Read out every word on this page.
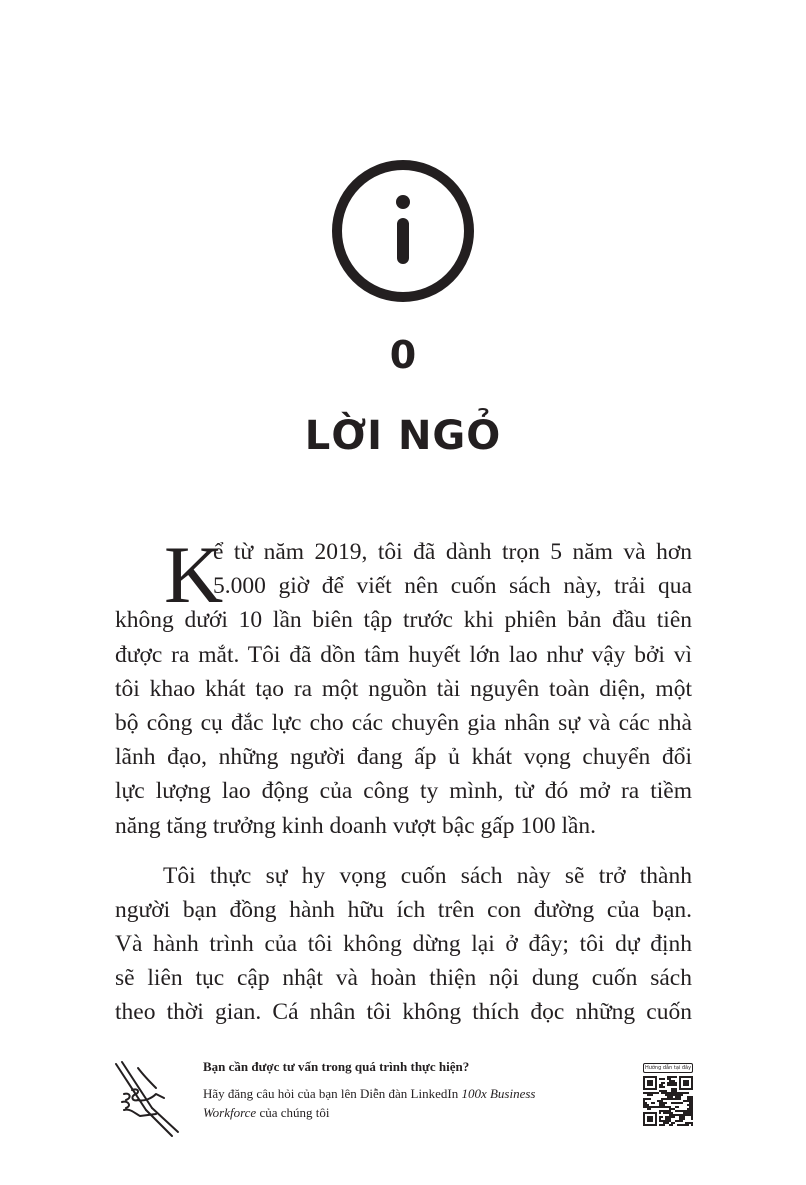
0
LỜI NGỎ
K
ể từ năm 2019, tôi đã dành trọn 5 năm và hơn
5.000 giờ để viết nên cuốn sách này, trải qua
không dưới 10 lần biên tập trước khi phiên bản đầu tiên
được ra mắt. Tôi đã dồn tâm huyết lớn lao như vậy bởi vì
tôi khao khát tạo ra một nguồn tài nguyên toàn diện, một
bộ công cụ đắc lực cho các chuyên gia nhân sự và các nhà
lãnh đạo, những người đang ấp ủ khát vọng chuyển đổi
lực lượng lao động của công ty mình, từ đó mở ra tiềm
năng tăng trưởng kinh doanh vượt bậc gấp 100 lần.
Tôi thực sự hy vọng cuốn sách này sẽ trở thành
người bạn đồng hành hữu ích trên con đường của bạn.
Và hành trình của tôi không dừng lại ở đây; tôi dự định
sẽ liên tục cập nhật và hoàn thiện nội dung cuốn sách
theo thời gian. Cá nhân tôi không thích đọc những cuốn
Bạn cần được tư vấn trong quá trình thực hiện?
Hãy đăng câu hỏi của bạn lên Diễn đàn LinkedIn 100x Business
Workforce của chúng tôi
Hướng dẫn tại đây
